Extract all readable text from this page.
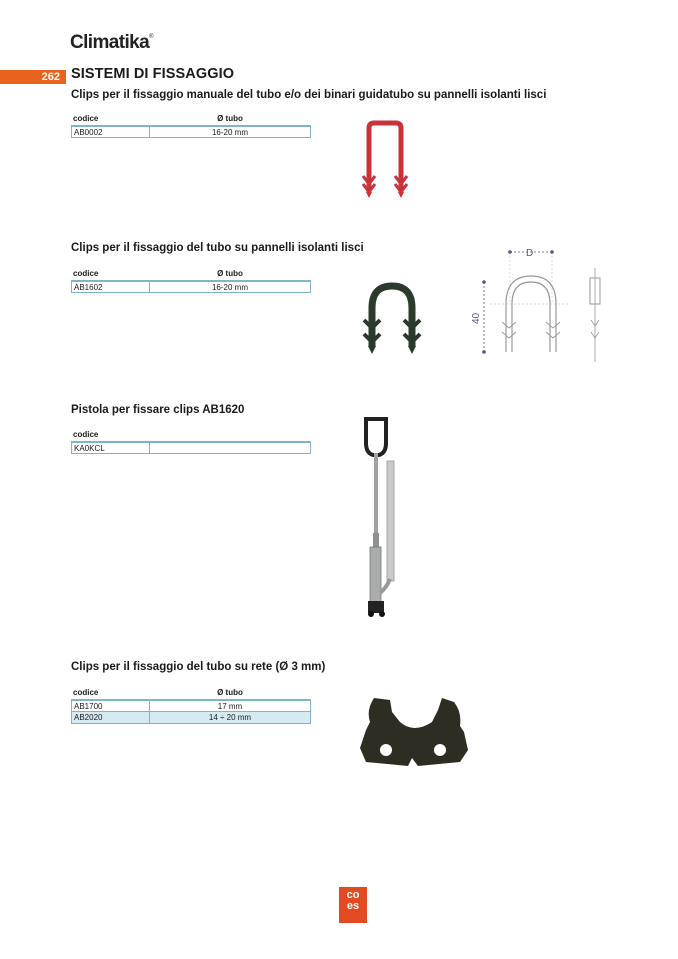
Climatika®
262 SISTEMI DI FISSAGGIO
Clips per il fissaggio manuale del tubo e/o dei binari guidatubo su pannelli isolanti lisci
codice	Ø tubo
AB0002	16-20 mm
Clips per il fissaggio del tubo su pannelli isolanti lisci
codice	Ø tubo
AB1602	16-20 mm
D
40
Pistola per fissare clips AB1620
codice
KA0KCL
Clips per il fissaggio del tubo su rete (Ø 3 mm)
codice	Ø tubo
AB1700	17 mm
AB2020	14 ÷ 20 mm
co
es
